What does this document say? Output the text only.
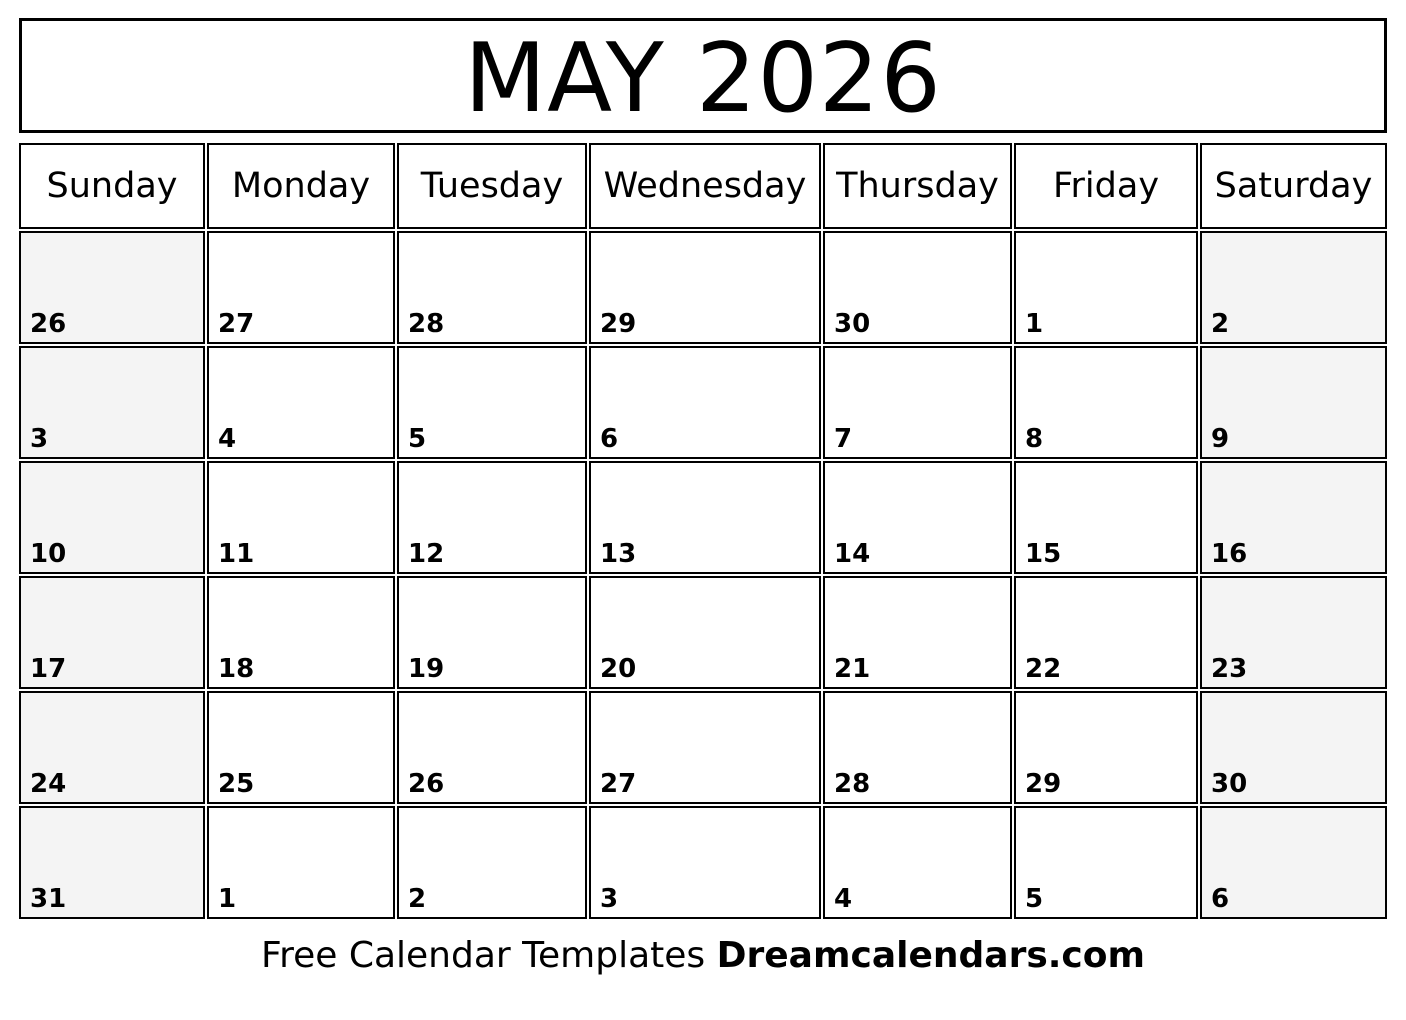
MAY 2026
Sunday	Monday	Tuesday	Wednesday Thursday	Friday	Saturday
26	27	28	29	30	1	2
3	4	5	6	7	8	9
10	11	12	13	14	15	16
17	18	19	20	21	22	23
24	25	26	27	28	29	30
31	1	2	3	4	5	6
Free Calendar Templates Dreamcalendars.com
